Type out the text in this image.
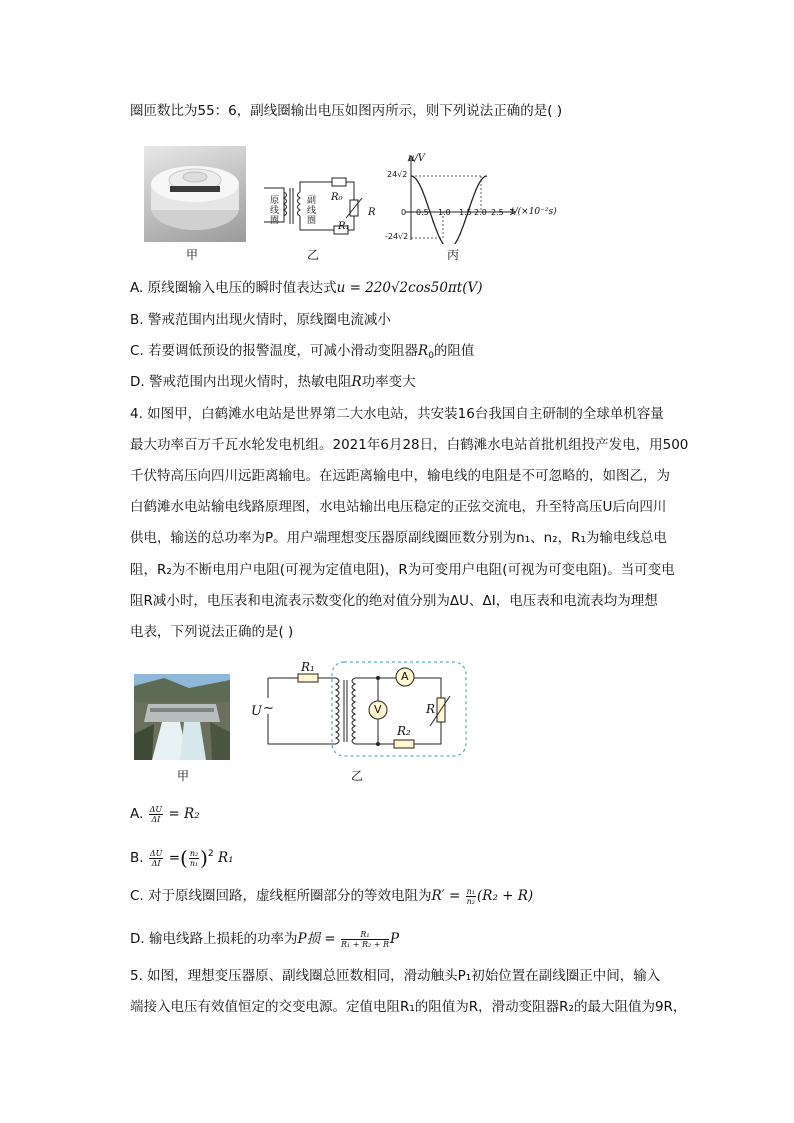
圈匝数比为55：6，副线圈输出电压如图丙所示，则下列说法正确的是( )
甲
原线圈
副线圈
R₀
R
R₁
乙
u/V
24√2
-24√2
0 0.5 1.0 1.5 2.0 2.5 t/(×10⁻²s)
丙
A. 原线圈输入电压的瞬时值表达式u = 220√2cos50πt(V)
B. 警戒范围内出现火情时，原线圈电流减小
C. 若要调低预设的报警温度，可减小滑动变阻器$R_0$的阻值
D. 警戒范围内出现火情时，热敏电阻R功率变大
4. 如图甲，白鹤滩水电站是世界第二大水电站，共安装16台我国自主研制的全球单机容量
最大功率百万千瓦水轮发电机组。2021年6月28日，白鹤滩水电站首批机组投产发电，用500
千伏特高压向四川远距离输电。在远距离输电中，输电线的电阻是不可忽略的，如图乙，为
白鹤滩水电站输电线路原理图，水电站输出电压稳定的正弦交流电，升至特高压U后向四川
供电，输送的总功率为P。用户端理想变压器原副线圈匝数分别为n₁、n₂，R₁为输电线总电
阻，R₂为不断电用户电阻(可视为定值电阻)，R为可变用户电阻(可视为可变电阻)。当可变电
阻R减小时，电压表和电流表示数变化的绝对值分别为ΔU、ΔI，电压表和电流表均为理想
电表，下列说法正确的是( )
甲
R₁
U ~
A
V	R
R₂
乙
A. $\frac{\Delta U}{\Delta I} = R_2$
B. $\frac{\Delta U}{\Delta I}$ =( $\frac{\text{n₂}}{\text{n₁}} )^2$ R₁
C. 对于原线圈回路，虚线框所圈部分的等效电阻为$R' = \frac{\text{n₁}}{\text{n₂}} (R_2 + R)$
D. 输电线路上损耗的功率为P损 = $\frac{\text{R₁}}{\text{R₁ + R₂ + R}}$ P
5. 如图，理想变压器原、副线圈总匝数相同，滑动触头P₁初始位置在副线圈正中间，输入
端接入电压有效值恒定的交变电源。定值电阻R₁的阻值为R，滑动变阻器R₂的最大阻值为9R，
